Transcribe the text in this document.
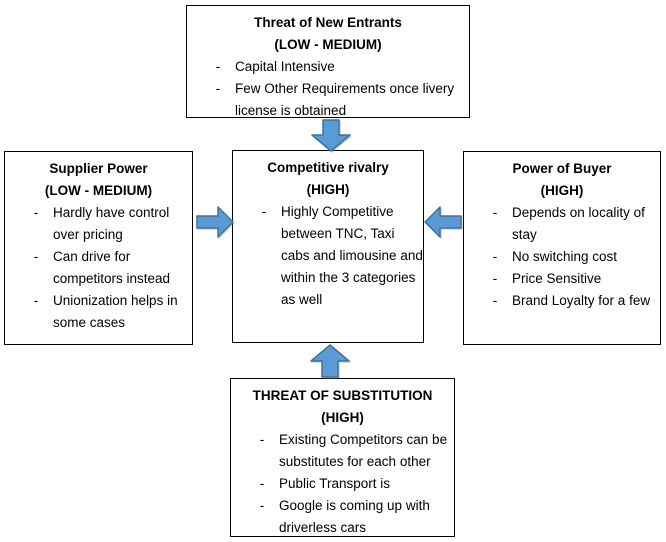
Threat of New Entrants
(LOW - MEDIUM)
-	Capital Intensive
-	Few Other Requirements once livery license is obtained
Supplier Power
(LOW - MEDIUM)
-	Hardly have control over pricing
-	Can drive for competitors instead
-	Unionization helps in some cases
Competitive rivalry
(HIGH)
-	Highly Competitive between TNC, Taxi cabs and limousine and within the 3 categories as well
Power of Buyer
(HIGH)
-	Depends on locality of stay
-	No switching cost
-	Price Sensitive
-	Brand Loyalty for a few
THREAT OF SUBSTITUTION
(HIGH)
-	Existing Competitors can be substitutes for each other
-	Public Transport is
-	Google is coming up with driverless cars
